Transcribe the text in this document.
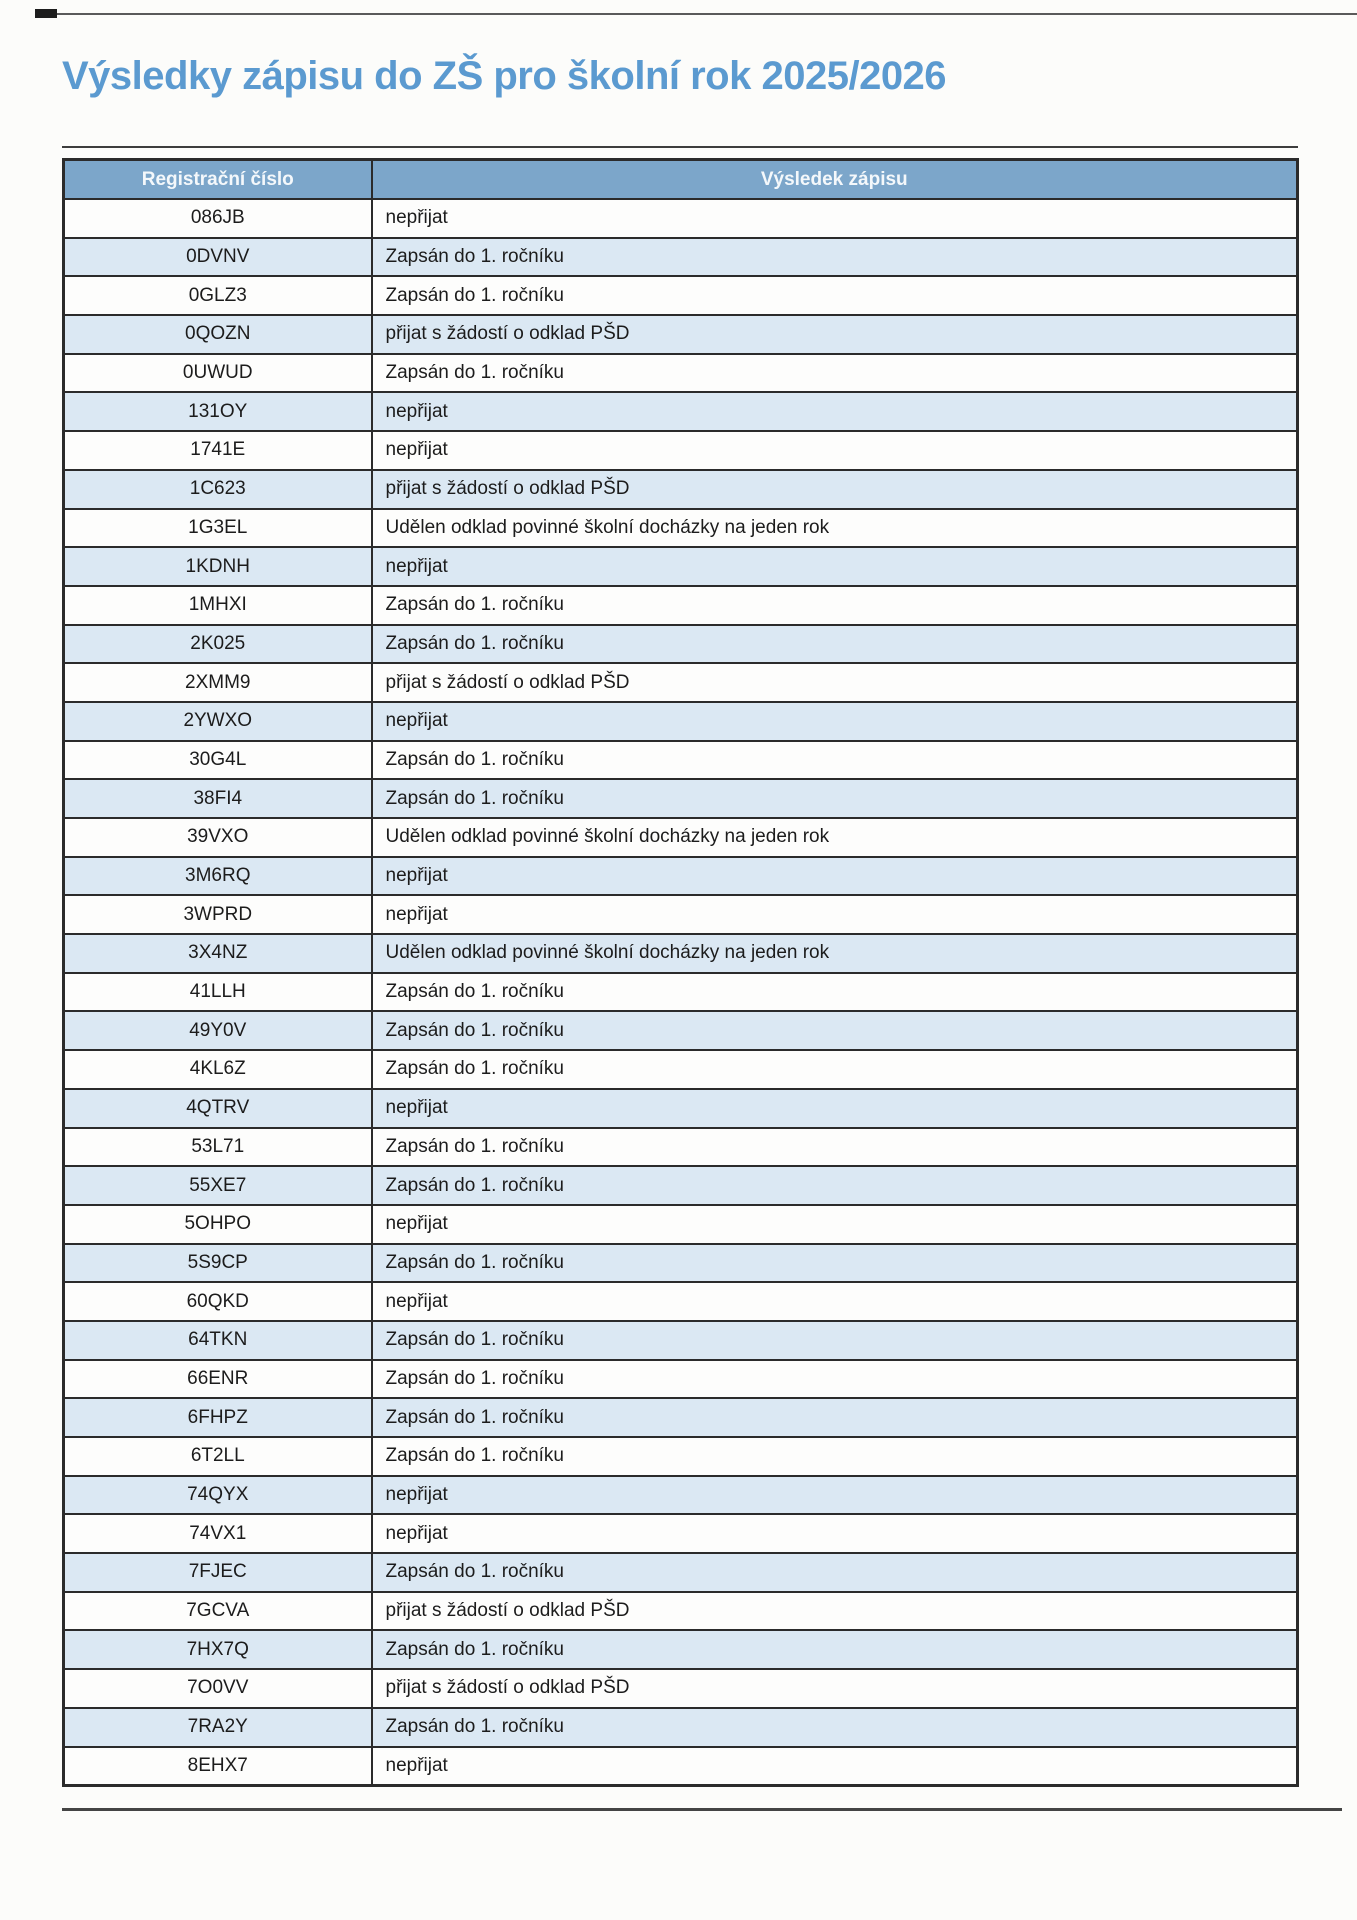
Výsledky zápisu do ZŠ pro školní rok 2025/2026
Registrační číslo	Výsledek zápisu
086JB	nepřijat
0DVNV	Zapsán do 1. ročníku
0GLZ3	Zapsán do 1. ročníku
0QOZN	přijat s žádostí o odklad PŠD
0UWUD	Zapsán do 1. ročníku
131OY	nepřijat
1741E	nepřijat
1C623	přijat s žádostí o odklad PŠD
1G3EL	Udělen odklad povinné školní docházky na jeden rok
1KDNH	nepřijat
1MHXI	Zapsán do 1. ročníku
2K025	Zapsán do 1. ročníku
2XMM9	přijat s žádostí o odklad PŠD
2YWXO	nepřijat
30G4L	Zapsán do 1. ročníku
38FI4	Zapsán do 1. ročníku
39VXO	Udělen odklad povinné školní docházky na jeden rok
3M6RQ	nepřijat
3WPRD	nepřijat
3X4NZ	Udělen odklad povinné školní docházky na jeden rok
41LLH	Zapsán do 1. ročníku
49Y0V	Zapsán do 1. ročníku
4KL6Z	Zapsán do 1. ročníku
4QTRV	nepřijat
53L71	Zapsán do 1. ročníku
55XE7	Zapsán do 1. ročníku
5OHPO	nepřijat
5S9CP	Zapsán do 1. ročníku
60QKD	nepřijat
64TKN	Zapsán do 1. ročníku
66ENR	Zapsán do 1. ročníku
6FHPZ	Zapsán do 1. ročníku
6T2LL	Zapsán do 1. ročníku
74QYX	nepřijat
74VX1	nepřijat
7FJEC	Zapsán do 1. ročníku
7GCVA	přijat s žádostí o odklad PŠD
7HX7Q	Zapsán do 1. ročníku
7O0VV	přijat s žádostí o odklad PŠD
7RA2Y	Zapsán do 1. ročníku
8EHX7	nepřijat
